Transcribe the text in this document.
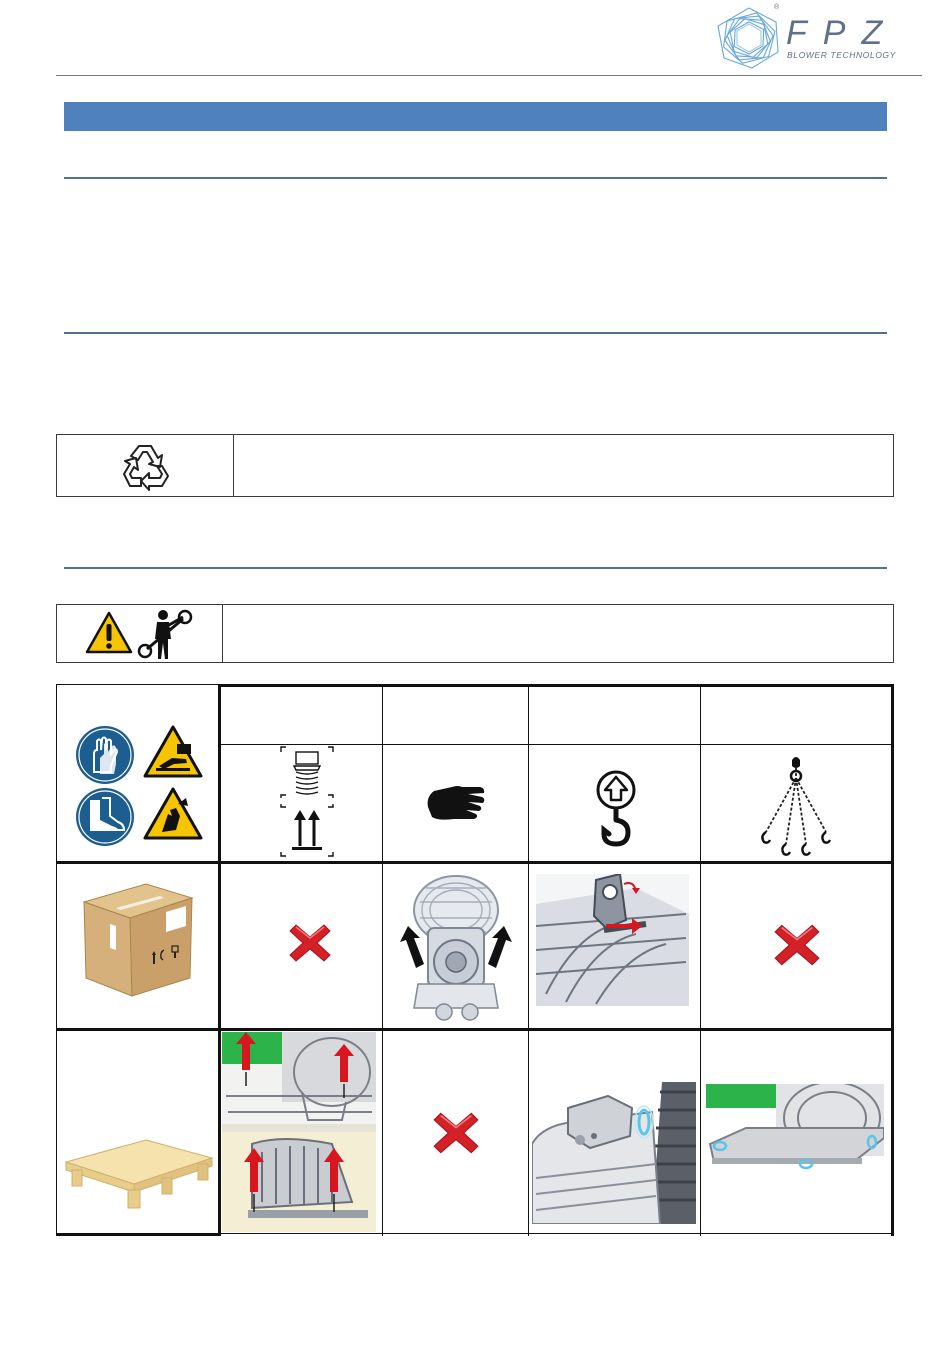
®
FPZ
BLOWER TECHNOLOGY
